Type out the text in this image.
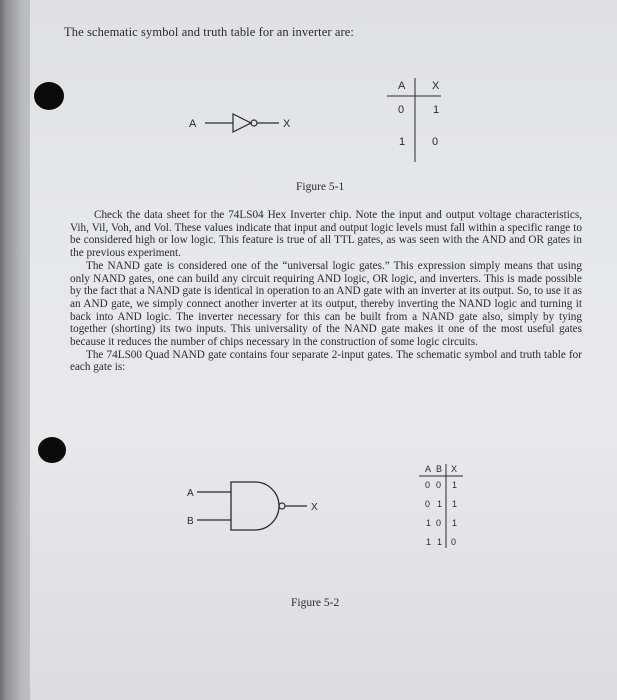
The schematic symbol and truth table for an inverter are:
A	X
A X
0	1
1 0
Figure 5-1

Check the data sheet for the 74LS04 Hex Inverter chip. Note the input and output voltage characteristics, Vih, Vil, Voh, and Vol. These values indicate that input and output logic levels must fall within a specific range to be considered high or low logic. This feature is true of all TTL gates, as was seen with the AND and OR gates in the previous experiment.

The NAND gate is considered one of the “universal logic gates.” This expression simply means that using only NAND gates, one can build any circuit requiring AND logic, OR logic, and inverters. This is made possible by the fact that a NAND gate is identical in operation to an AND gate with an inverter at its output. So, to use it as an AND gate, we simply connect another inverter at its output, thereby inverting the NAND logic and turning it back into AND logic. The inverter necessary for this can be built from a NAND gate also, simply by tying together (shorting) its two inputs. This universality of the NAND gate makes it one of the most useful gates because it reduces the number of chips necessary in the construction of some logic circuits.

The 74LS00 Quad NAND gate contains four separate 2-input gates. The schematic symbol and truth table for each gate is:

A
B
X
A B X
0 0 1
0 1 1
1 0 1
1 1 0
Figure 5-2
